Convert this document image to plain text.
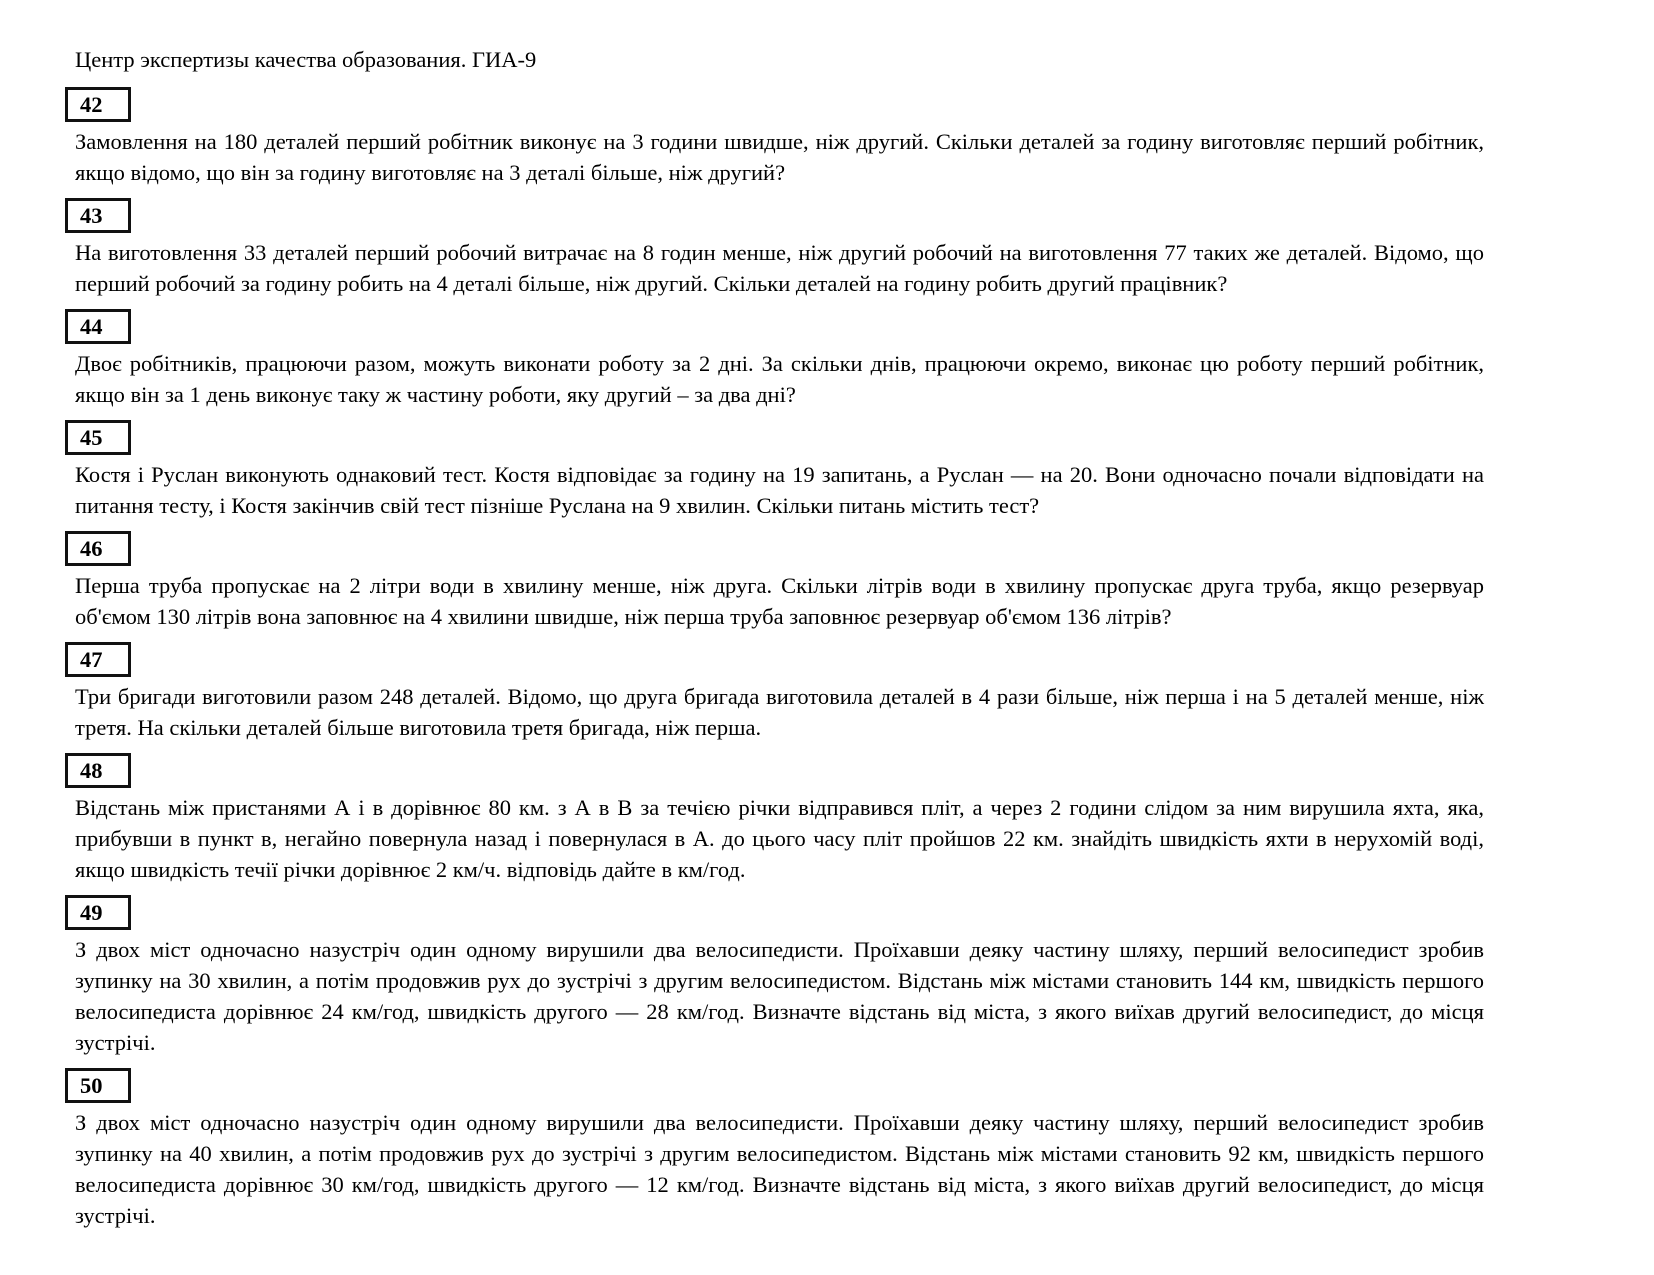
Центр экспертизы качества образования. ГИА-9
42

Замовлення на 180 деталей перший робітник виконує на 3 години швидше, ніж другий. Скільки деталей за годину виготовляє перший робітник, якщо відомо, що він за годину виготовляє на 3 деталі більше, ніж другий?

43

На виготовлення 33 деталей перший робочий витрачає на 8 годин менше, ніж другий робочий на виготовлення 77 таких же деталей. Відомо, що перший робочий за годину робить на 4 деталі більше, ніж другий. Скільки деталей на годину робить другий працівник?

44

Двоє робітників, працюючи разом, можуть виконати роботу за 2 дні. За скільки днів, працюючи окремо, виконає цю роботу перший робітник, якщо він за 1 день виконує таку ж частину роботи, яку другий – за два дні?

45

Костя і Руслан виконують однаковий тест. Костя відповідає за годину на 19 запитань, а Руслан — на 20. Вони одночасно почали відповідати на питання тесту, і Костя закінчив свій тест пізніше Руслана на 9 хвилин. Скільки питань містить тест?

46

Перша труба пропускає на 2 літри води в хвилину менше, ніж друга. Скільки літрів води в хвилину пропускає друга труба, якщо резервуар об'ємом 130 літрів вона заповнює на 4 хвилини швидше, ніж перша труба заповнює резервуар об'ємом 136 літрів?

47

Три бригади виготовили разом 248 деталей. Відомо, що друга бригада виготовила деталей в 4 рази більше, ніж перша і на 5 деталей менше, ніж третя. На скільки деталей більше виготовила третя бригада, ніж перша.

48

Відстань між пристанями А і в дорівнює 80 км. з А в В за течією річки відправився пліт, а через 2 години слідом за ним вирушила яхта, яка, прибувши в пункт в, негайно повернула назад і повернулася в А. до цього часу пліт пройшов 22 км. знайдіть швидкість яхти в нерухомій воді, якщо швидкість течії річки дорівнює 2 км/ч. відповідь дайте в км/год.

49

З двох міст одночасно назустріч один одному вирушили два велосипедисти. Проїхавши деяку частину шляху, перший велосипедист зробив зупинку на 30 хвилин, а потім продовжив рух до зустрічі з другим велосипедистом. Відстань між містами становить 144 км, швидкість першого велосипедиста дорівнює 24 км/год, швидкість другого — 28 км/год. Визначте відстань від міста, з якого виїхав другий велосипедист, до місця зустрічі.

50

З двох міст одночасно назустріч один одному вирушили два велосипедисти. Проїхавши деяку частину шляху, перший велосипедист зробив зупинку на 40 хвилин, а потім продовжив рух до зустрічі з другим велосипедистом. Відстань між містами становить 92 км, швидкість першого велосипедиста дорівнює 30 км/год, швидкість другого — 12 км/год. Визначте відстань від міста, з якого виїхав другий велосипедист, до місця зустрічі.
